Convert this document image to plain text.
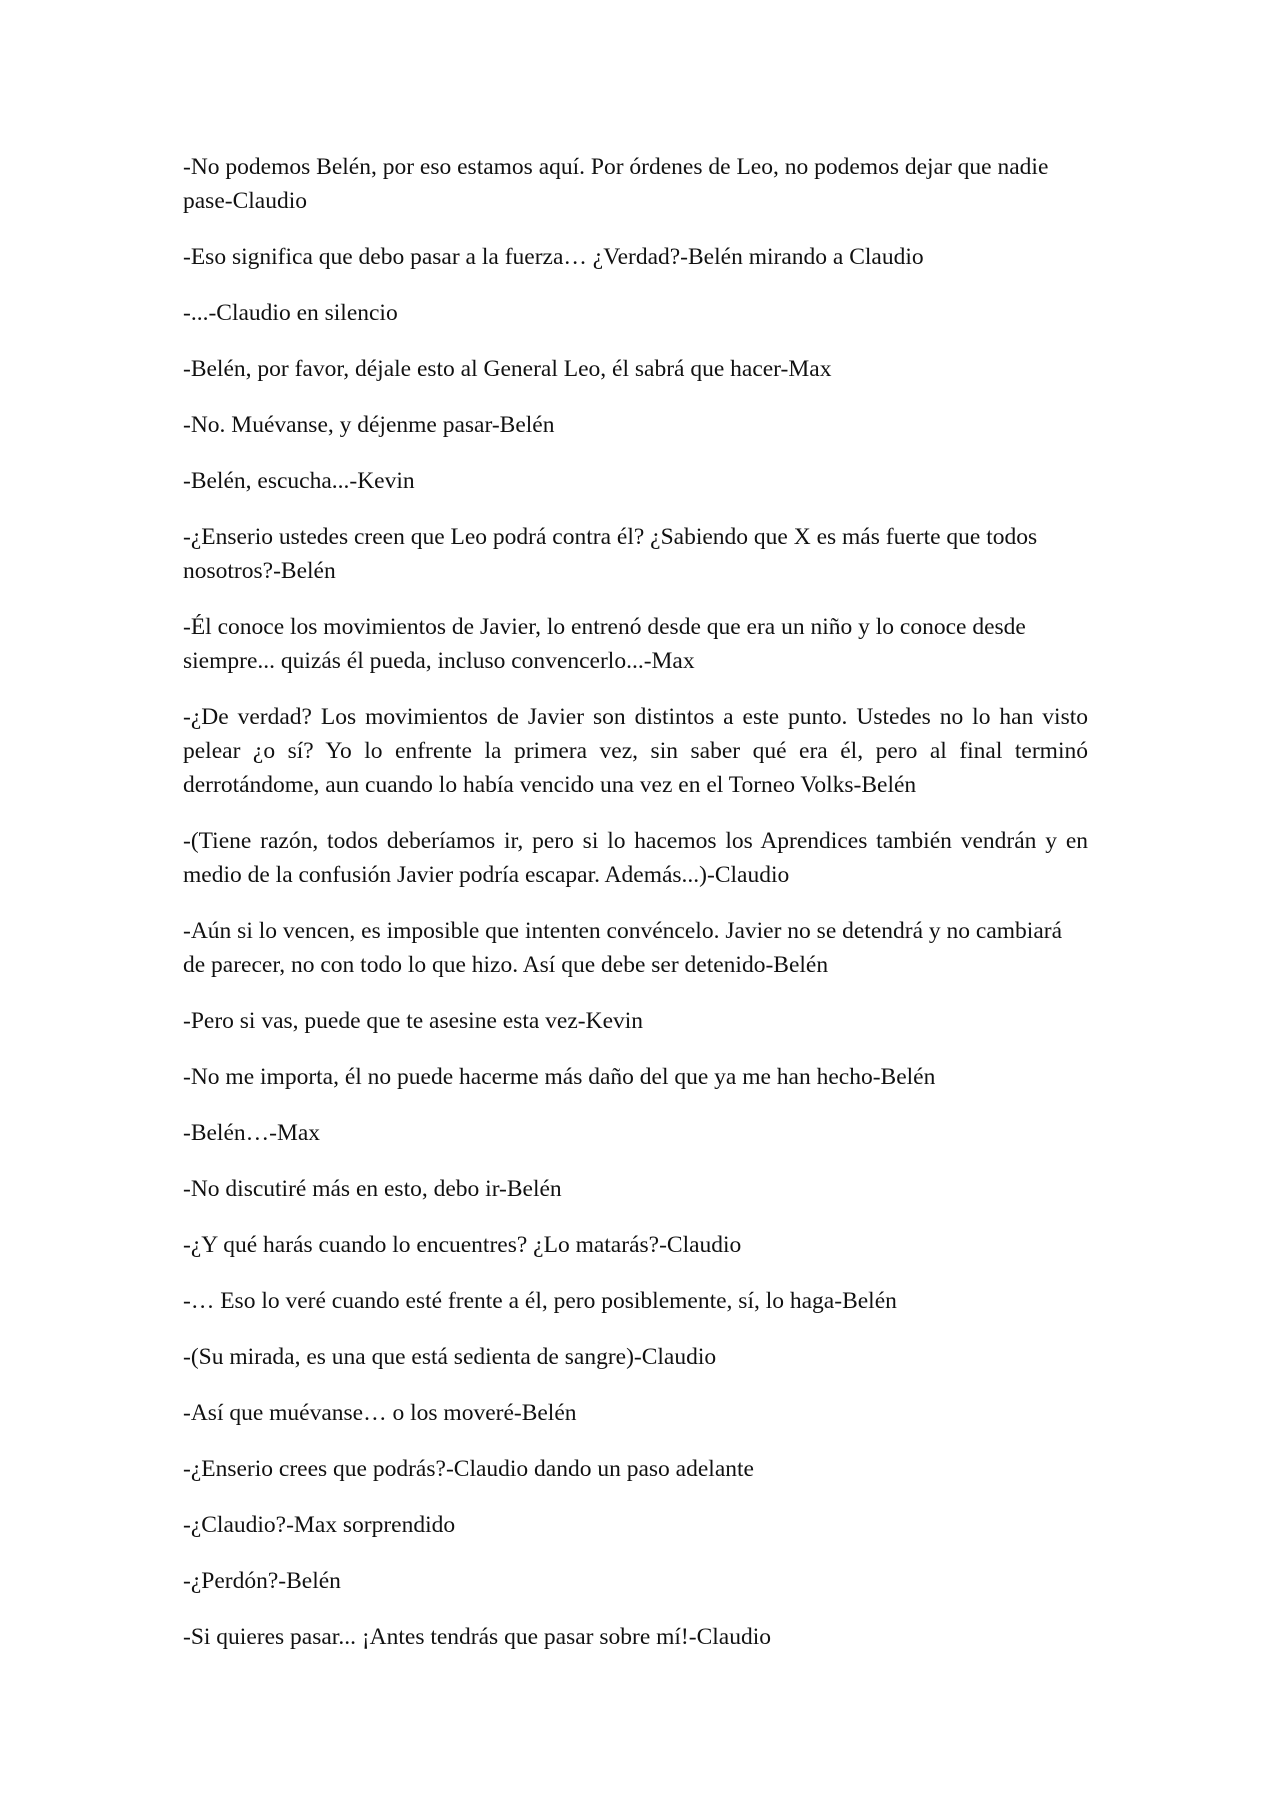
-No podemos Belén, por eso estamos aquí. Por órdenes de Leo, no podemos dejar que nadie pase-Claudio

-Eso significa que debo pasar a la fuerza… ¿Verdad?-Belén mirando a Claudio

-...-Claudio en silencio

-Belén, por favor, déjale esto al General Leo, él sabrá que hacer-Max

-No. Muévanse, y déjenme pasar-Belén

-Belén, escucha...-Kevin

-¿Enserio ustedes creen que Leo podrá contra él? ¿Sabiendo que X es más fuerte que todos nosotros?-Belén

-Él conoce los movimientos de Javier, lo entrenó desde que era un niño y lo conoce desde siempre... quizás él pueda, incluso convencerlo...-Max

-¿De verdad? Los movimientos de Javier son distintos a este punto. Ustedes no lo han visto pelear ¿o sí? Yo lo enfrente la primera vez, sin saber qué era él, pero al final terminó derrotándome, aun cuando lo había vencido una vez en el Torneo Volks-Belén

-(Tiene razón, todos deberíamos ir, pero si lo hacemos los Aprendices también vendrán y en medio de la confusión Javier podría escapar. Además...)-Claudio

-Aún si lo vencen, es imposible que intenten convéncelo. Javier no se detendrá y no cambiará de parecer, no con todo lo que hizo. Así que debe ser detenido-Belén

-Pero si vas, puede que te asesine esta vez-Kevin

-No me importa, él no puede hacerme más daño del que ya me han hecho-Belén

-Belén…-Max

-No discutiré más en esto, debo ir-Belén

-¿Y qué harás cuando lo encuentres? ¿Lo matarás?-Claudio

-… Eso lo veré cuando esté frente a él, pero posiblemente, sí, lo haga-Belén

-(Su mirada, es una que está sedienta de sangre)-Claudio

-Así que muévanse… o los moveré-Belén

-¿Enserio crees que podrás?-Claudio dando un paso adelante

-¿Claudio?-Max sorprendido

-¿Perdón?-Belén

-Si quieres pasar... ¡Antes tendrás que pasar sobre mí!-Claudio
